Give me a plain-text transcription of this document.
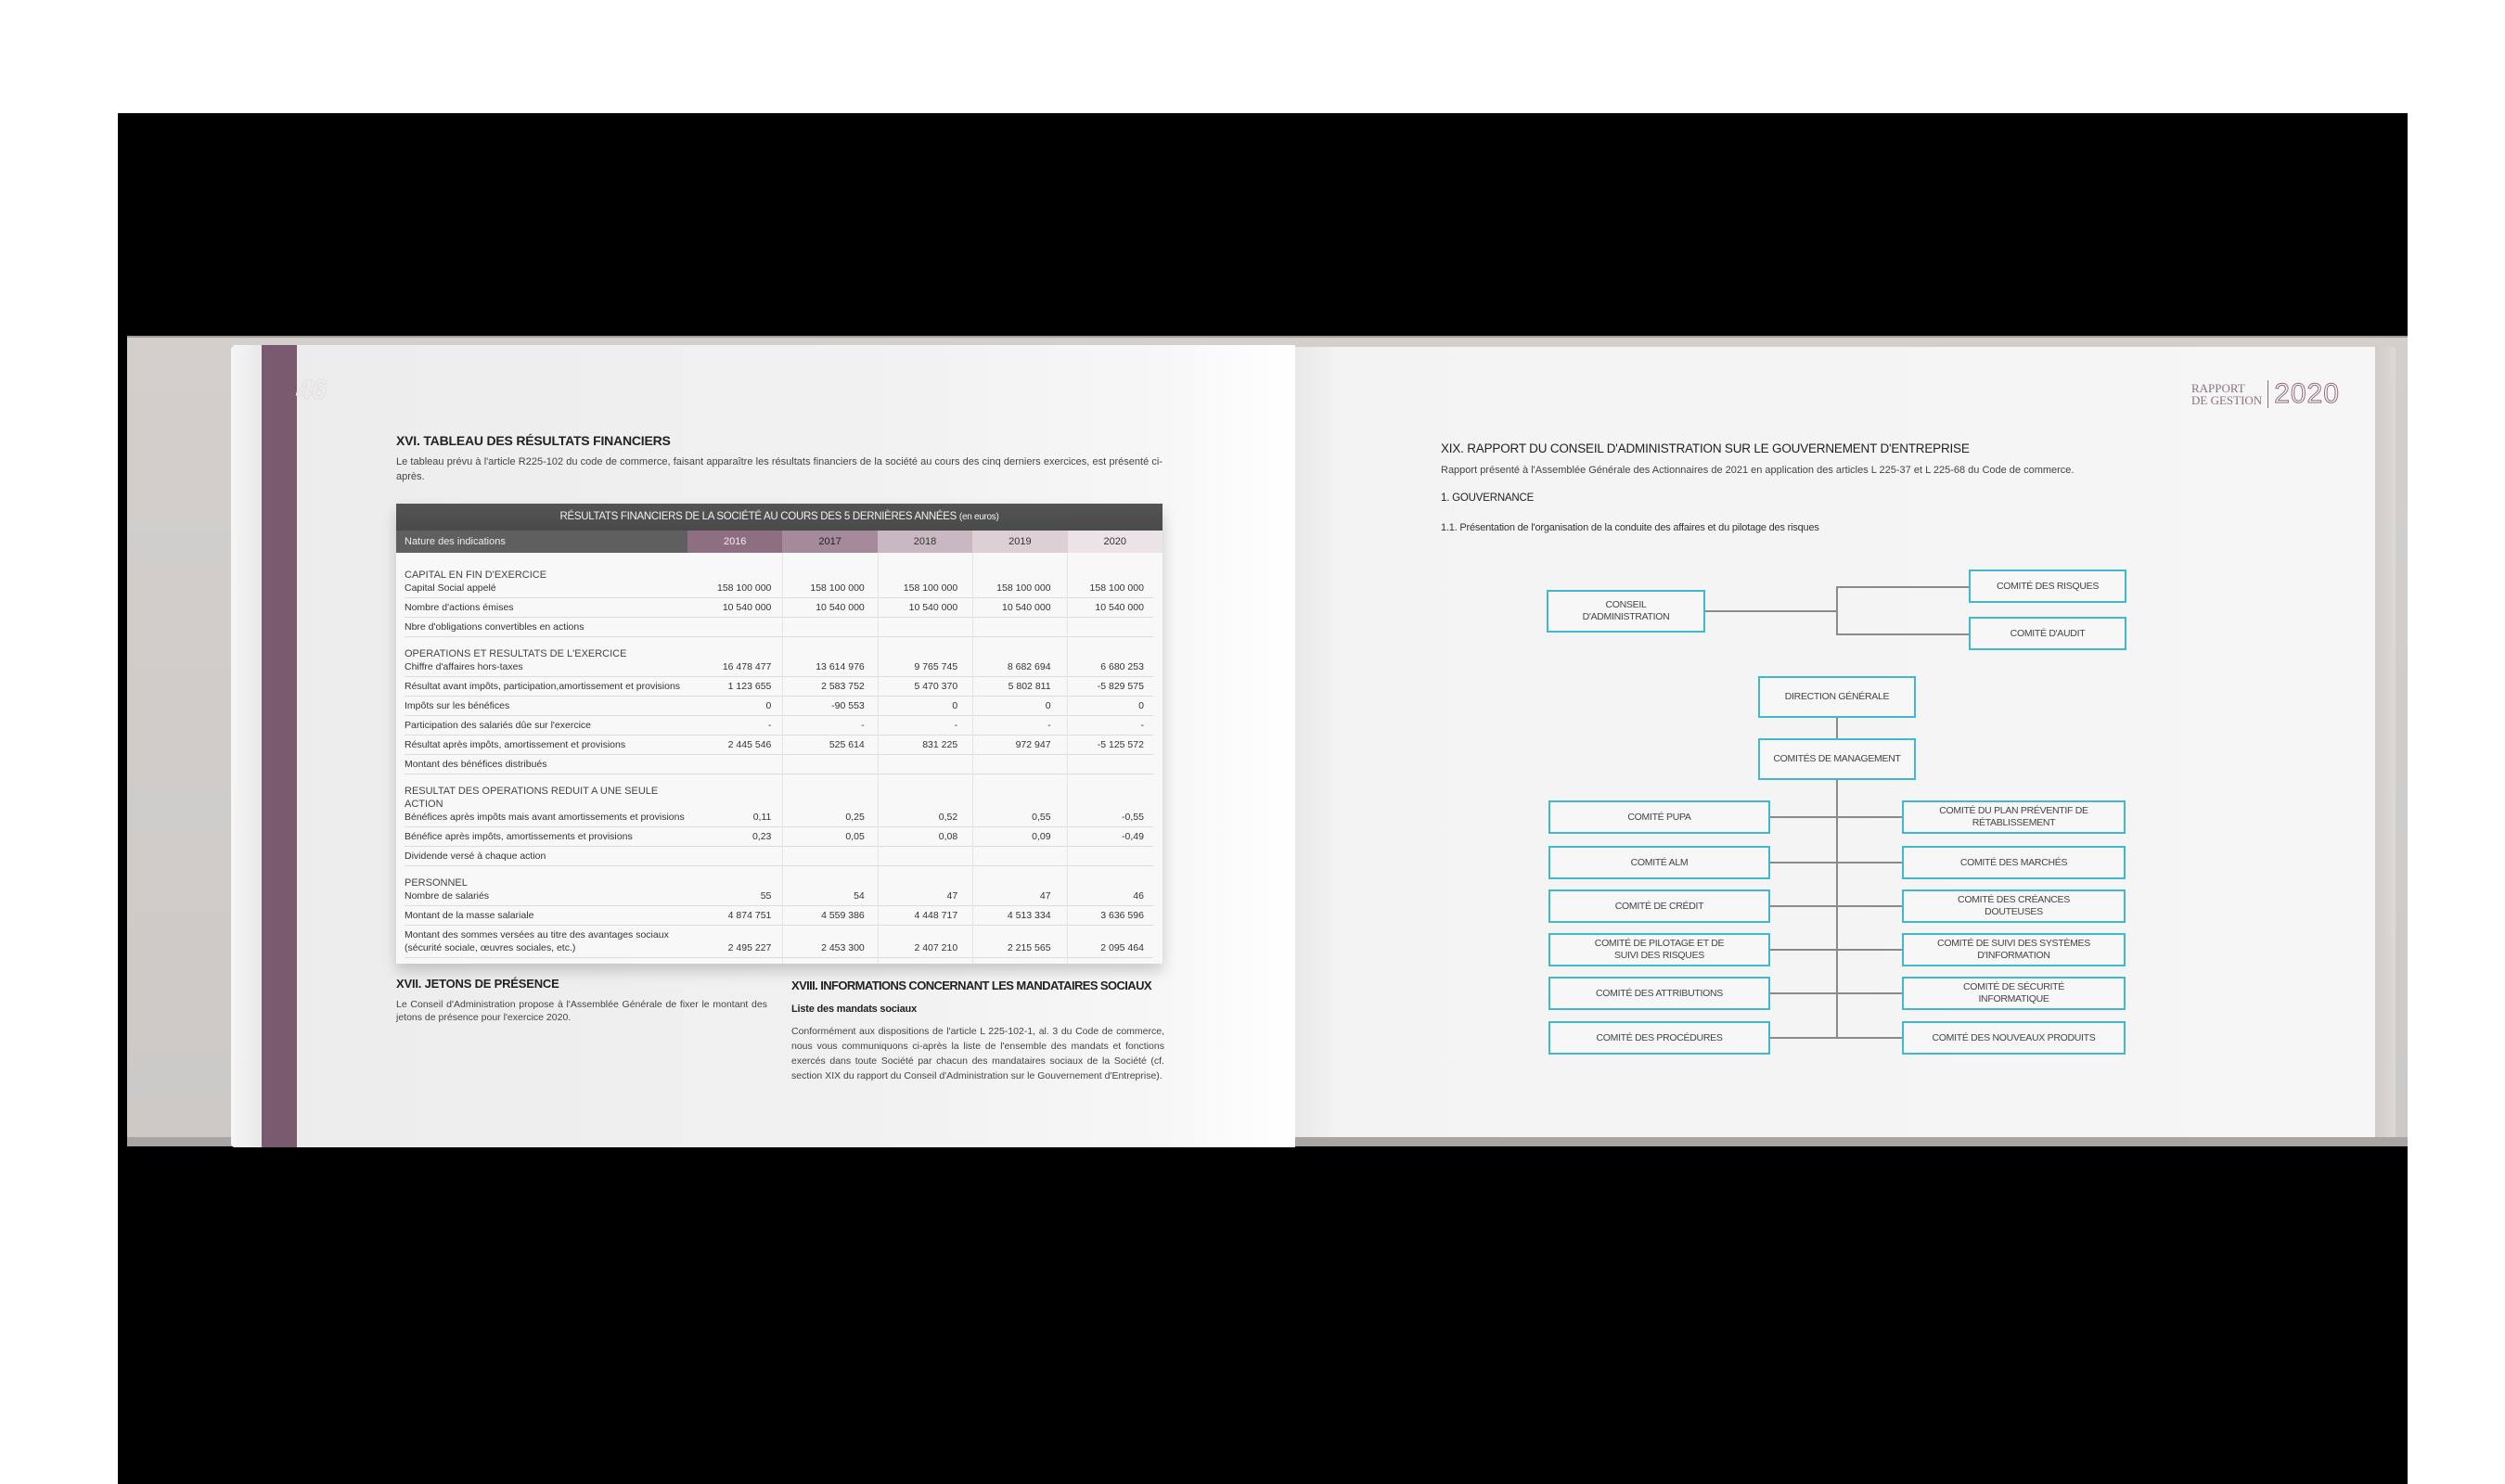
46
XVI. TABLEAU DES RÉSULTATS FINANCIERS
Le tableau prévu à l'article R225-102 du code de commerce, faisant apparaître les résultats financiers de la société au cours des cinq derniers exercices, est présenté ci-après.
RÉSULTATS FINANCIERS DE LA SOCIÉTÉ AU COURS DES 5 DERNIÈRES ANNÉES (en euros)
Nature des indications	2016	2017	2018	2019	2020
CAPITAL EN FIN D'EXERCICE
Capital Social appelé	158 100 000	158 100 000	158 100 000	158 100 000	158 100 000
Nombre d'actions émises	10 540 000	10 540 000	10 540 000	10 540 000	10 540 000
Nbre d'obligations convertibles en actions
OPERATIONS ET RESULTATS DE L'EXERCICE
Chiffre d'affaires hors-taxes	16 478 477	13 614 976	9 765 745	8 682 694	6 680 253
Résultat avant impôts, participation,amortissement et provisions	1 123 655	2 583 752	5 470 370	5 802 811	-5 829 575
Impôts sur les bénéfices	0	-90 553	0	0	0
Participation des salariés dûe sur l'exercice	-	-	-	-	-
Résultat après impôts, amortissement et provisions	2 445 546	525 614	831 225	972 947	-5 125 572
Montant des bénéfices distribués
RESULTAT DES OPERATIONS REDUIT A UNE SEULE ACTION
Bénéfices après impôts mais avant amortissements et provisions	0,11	0,25	0,52	0,55	-0,55
Bénéfice après impôts, amortissements et provisions	0,23	0,05	0,08	0,09	-0,49
Dividende versé à chaque action
PERSONNEL
Nombre de salariés	55	54	47	47	46
Montant de la masse salariale	4 874 751	4 559 386	4 448 717	4 513 334	3 636 596
Montant des sommes versées au titre des avantages sociaux (sécurité sociale, œuvres sociales, etc.)	2 495 227	2 453 300	2 407 210	2 215 565	2 095 464
XVII. JETONS DE PRÉSENCE
Le Conseil d'Administration propose à l'Assemblée Générale de fixer le montant des jetons de présence pour l'exercice 2020.
XVIII. INFORMATIONS CONCERNANT LES MANDATAIRES SOCIAUX
Liste des mandats sociaux
Conformément aux dispositions de l'article L 225-102-1, al. 3 du Code de commerce, nous vous communiquons ci-après la liste de l'ensemble des mandats et fonctions exercés dans toute Société par chacun des mandataires sociaux de la Société (cf. section XIX du rapport du Conseil d'Administration sur le Gouvernement d'Entreprise).
RAPPORT
DE GESTION 2020
XIX. RAPPORT DU CONSEIL D'ADMINISTRATION SUR LE GOUVERNEMENT D'ENTREPRISE
Rapport présenté à l'Assemblée Générale des Actionnaires de 2021 en application des articles L 225-37 et L 225-68 du Code de commerce.
1. GOUVERNANCE
1.1. Présentation de l'organisation de la conduite des affaires et du pilotage des risques
CONSEIL D'ADMINISTRATION
COMITÉ DES RISQUES
COMITÉ D'AUDIT
DIRECTION GÉNÉRALE
COMITÉS DE MANAGEMENT
COMITÉ PUPA
COMITÉ DU PLAN PRÉVENTIF DE RÉTABLISSEMENT
COMITÉ ALM	COMITÉ DES MARCHÉS
COMITÉ DE CRÉDIT
COMITÉ DES CRÉANCES DOUTEUSES
COMITÉ DE PILOTAGE ET DE SUIVI DES RISQUES
COMITÉ DE SUIVI DES SYSTÈMES D'INFORMATION
COMITÉ DES ATTRIBUTIONS
COMITÉ DE SÉCURITÉ INFORMATIQUE
COMITÉ DES PROCÉDURES	COMITÉ DES NOUVEAUX PRODUITS
